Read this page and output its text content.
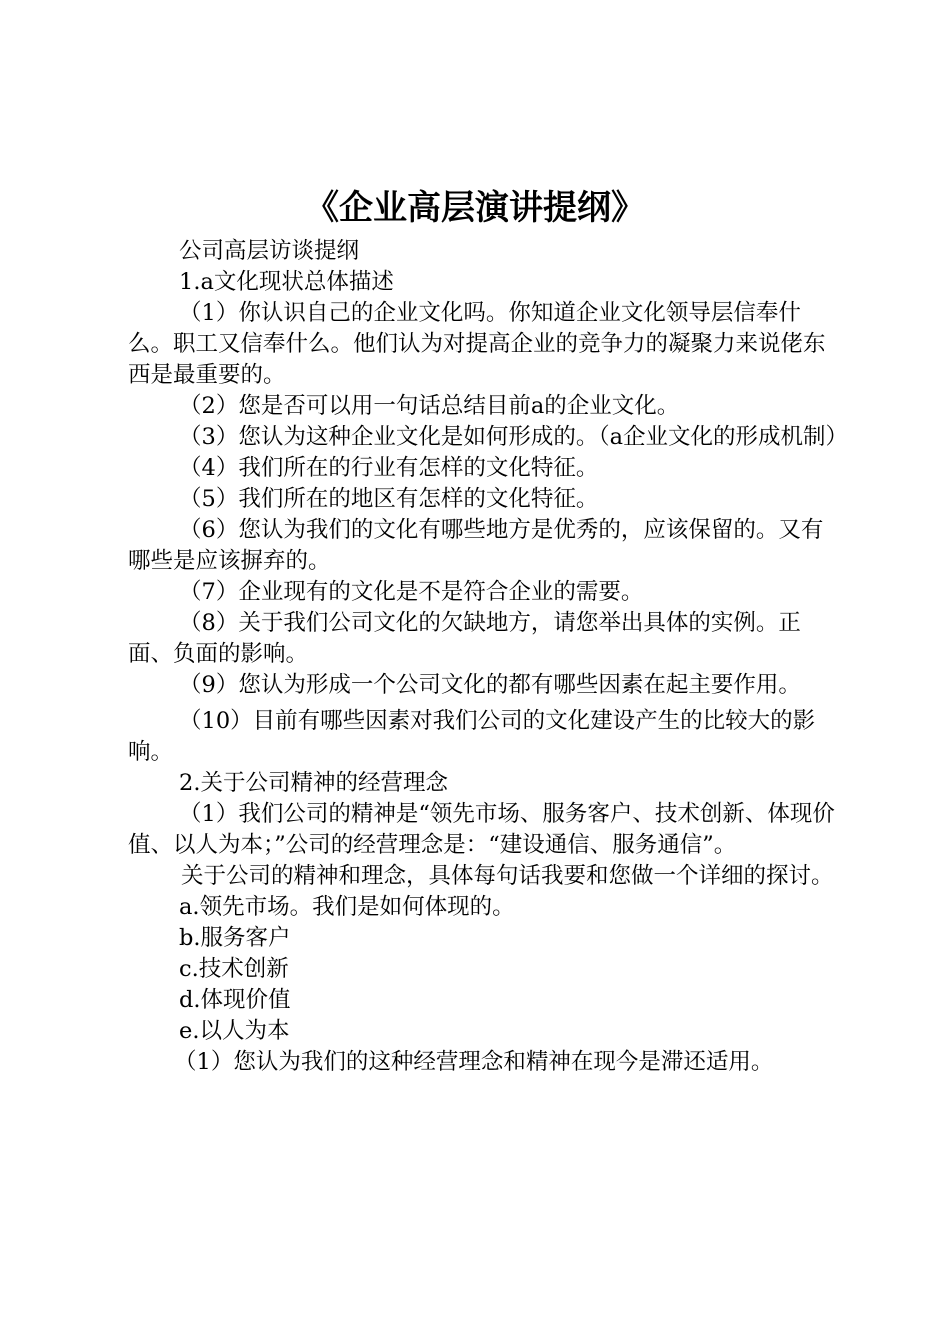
《企业高层演讲提纲》

公司高层访谈提纲

1.a文化现状总体描述

（1）你认识自己的企业文化吗。你知道企业文化领导层信奉什么。职工又信奉什么。他们认为对提高企业的竞争力的凝聚力来说佬东西是最重要的。

（2）您是否可以用一句话总结目前a的企业文化。

（3）您认为这种企业文化是如何形成的。（a企业文化的形成机制）

（4）我们所在的行业有怎样的文化特征。

（5）我们所在的地区有怎样的文化特征。

（6）您认为我们的文化有哪些地方是优秀的，应该保留的。又有哪些是应该摒弃的。

（7）企业现有的文化是不是符合企业的需要。

（8）关于我们公司文化的欠缺地方，请您举出具体的实例。正面、负面的影响。

（9）您认为形成一个公司文化的都有哪些因素在起主要作用。

（10）目前有哪些因素对我们公司的文化建设产生的比较大的影响。

2.关于公司精神的经营理念

（1）我们公司的精神是“领先市场、服务客户、技术创新、体现价值、以人为本；”公司的经营理念是：“建设通信、服务通信”。

关于公司的精神和理念，具体每句话我要和您做一个详细的探讨。

a.领先市场。我们是如何体现的。

b.服务客户

c.技术创新

d.体现价值

e.以人为本

（1）您认为我们的这种经营理念和精神在现今是滞还适用。
